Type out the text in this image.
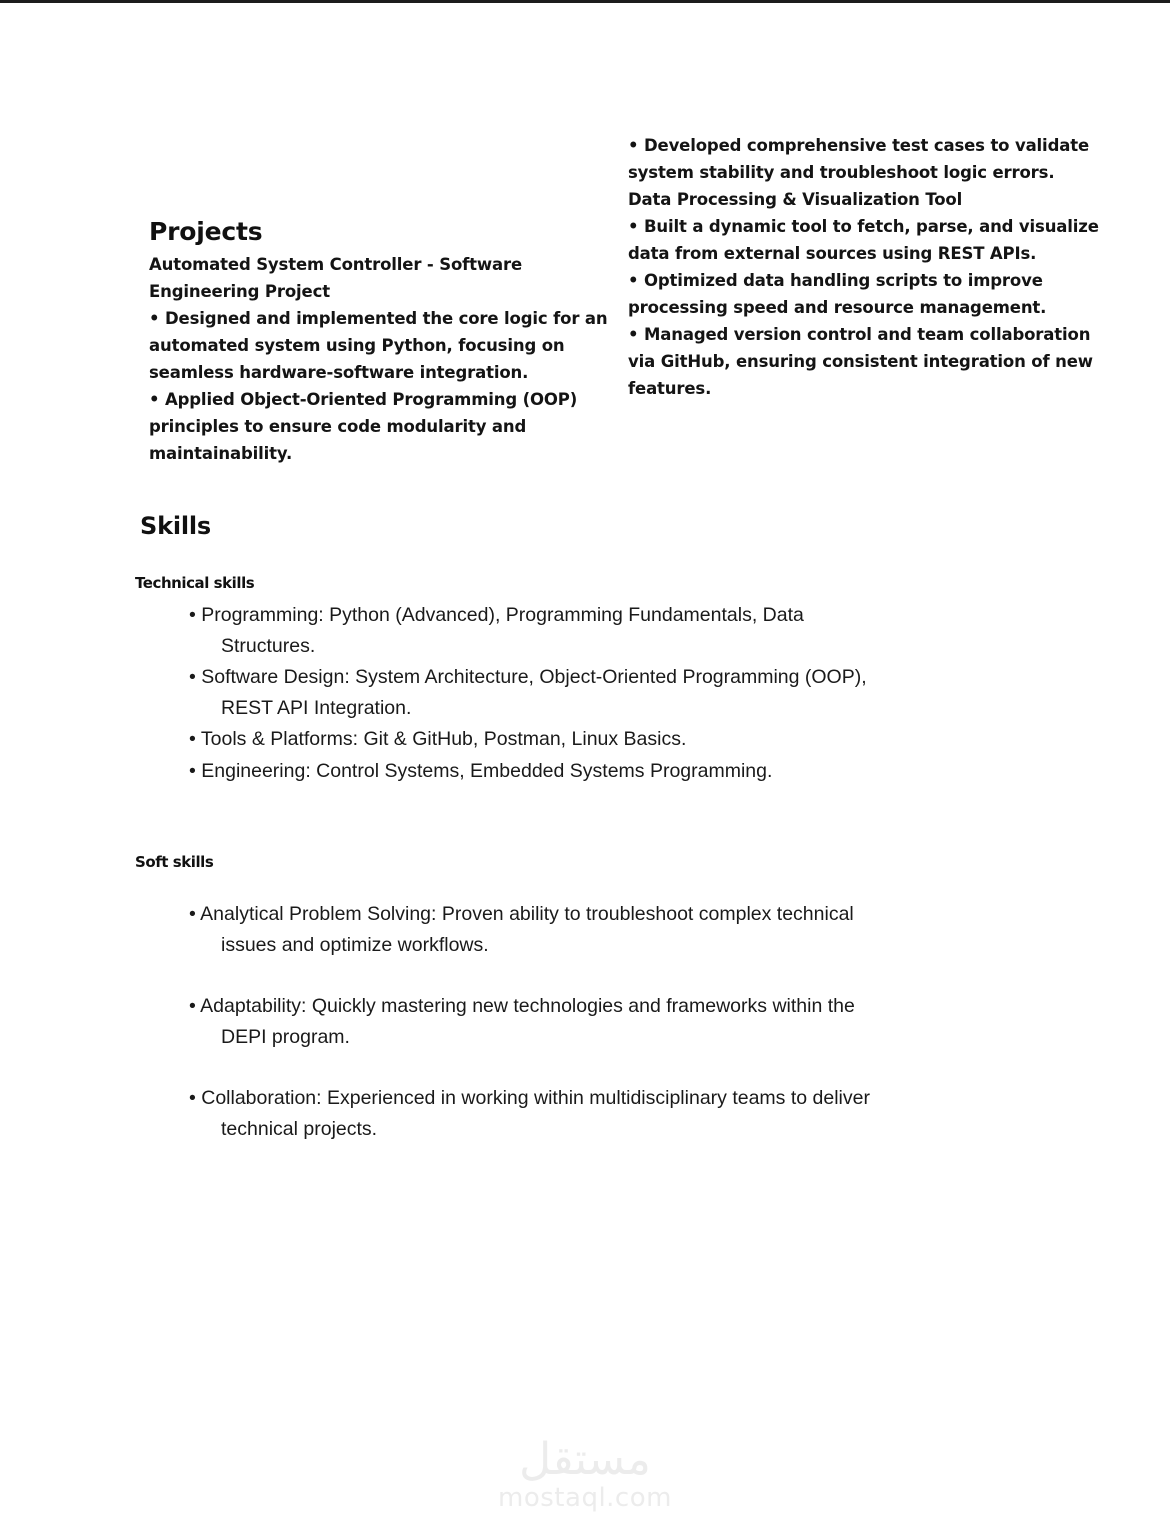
Projects

Automated System Controller - Software Engineering Project

• Designed and implemented the core logic for an automated system using Python, focusing on seamless hardware-software integration.

• Applied Object-Oriented Programming (OOP) principles to ensure code modularity and maintainability.

• Developed comprehensive test cases to validate system stability and troubleshoot logic errors.

Data Processing & Visualization Tool

• Built a dynamic tool to fetch, parse, and visualize data from external sources using REST APIs.

• Optimized data handling scripts to improve processing speed and resource management.

• Managed version control and team collaboration via GitHub, ensuring consistent integration of new features.

Skills
Technical skills
• Programming: Python (Advanced), Programming Fundamentals, Data Structures.
• Software Design: System Architecture, Object-Oriented Programming (OOP), REST API Integration.
• Tools & Platforms: Git & GitHub, Postman, Linux Basics.
• Engineering: Control Systems, Embedded Systems Programming.
Soft skills
• Analytical Problem Solving: Proven ability to troubleshoot complex technical issues and optimize workflows.
• Adaptability: Quickly mastering new technologies and frameworks within the DEPI program.
• Collaboration: Experienced in working within multidisciplinary teams to deliver technical projects.
مستقل
mostaql.com
